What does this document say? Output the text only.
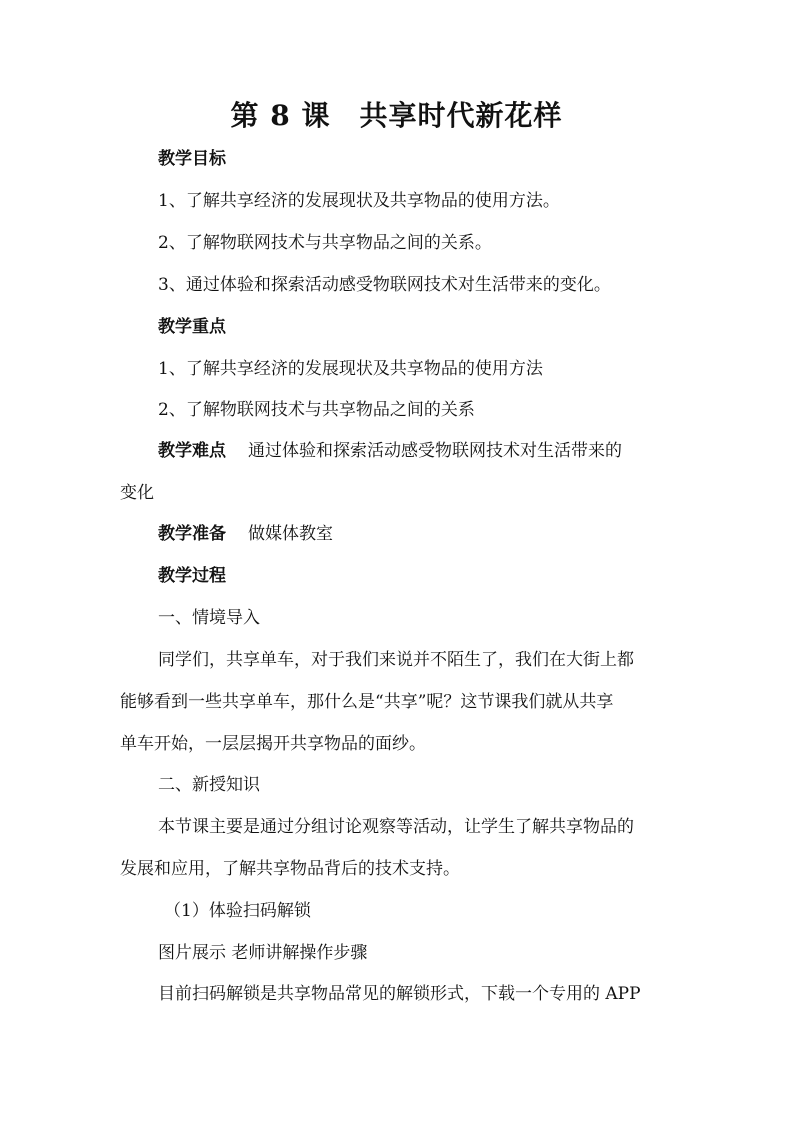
第 8 课　共享时代新花样
教学目标
1、了解共享经济的发展现状及共享物品的使用方法。
2、了解物联网技术与共享物品之间的关系。
3、通过体验和探索活动感受物联网技术对生活带来的变化。
教学重点
1、了解共享经济的发展现状及共享物品的使用方法
2、了解物联网技术与共享物品之间的关系
教学难点 通过体验和探索活动感受物联网技术对生活带来的
变化
教学准备 做媒体教室
教学过程
一、情境导入
同学们，共享单车，对于我们来说并不陌生了，我们在大街上都
能够看到一些共享单车，那什么是“共享”呢？这节课我们就从共享
单车开始，一层层揭开共享物品的面纱。
二、新授知识
本节课主要是通过分组讨论观察等活动，让学生了解共享物品的
发展和应用，了解共享物品背后的技术支持。
（1）体验扫码解锁
图片展示 老师讲解操作步骤
目前扫码解锁是共享物品常见的解锁形式，下载一个专用的 APP
